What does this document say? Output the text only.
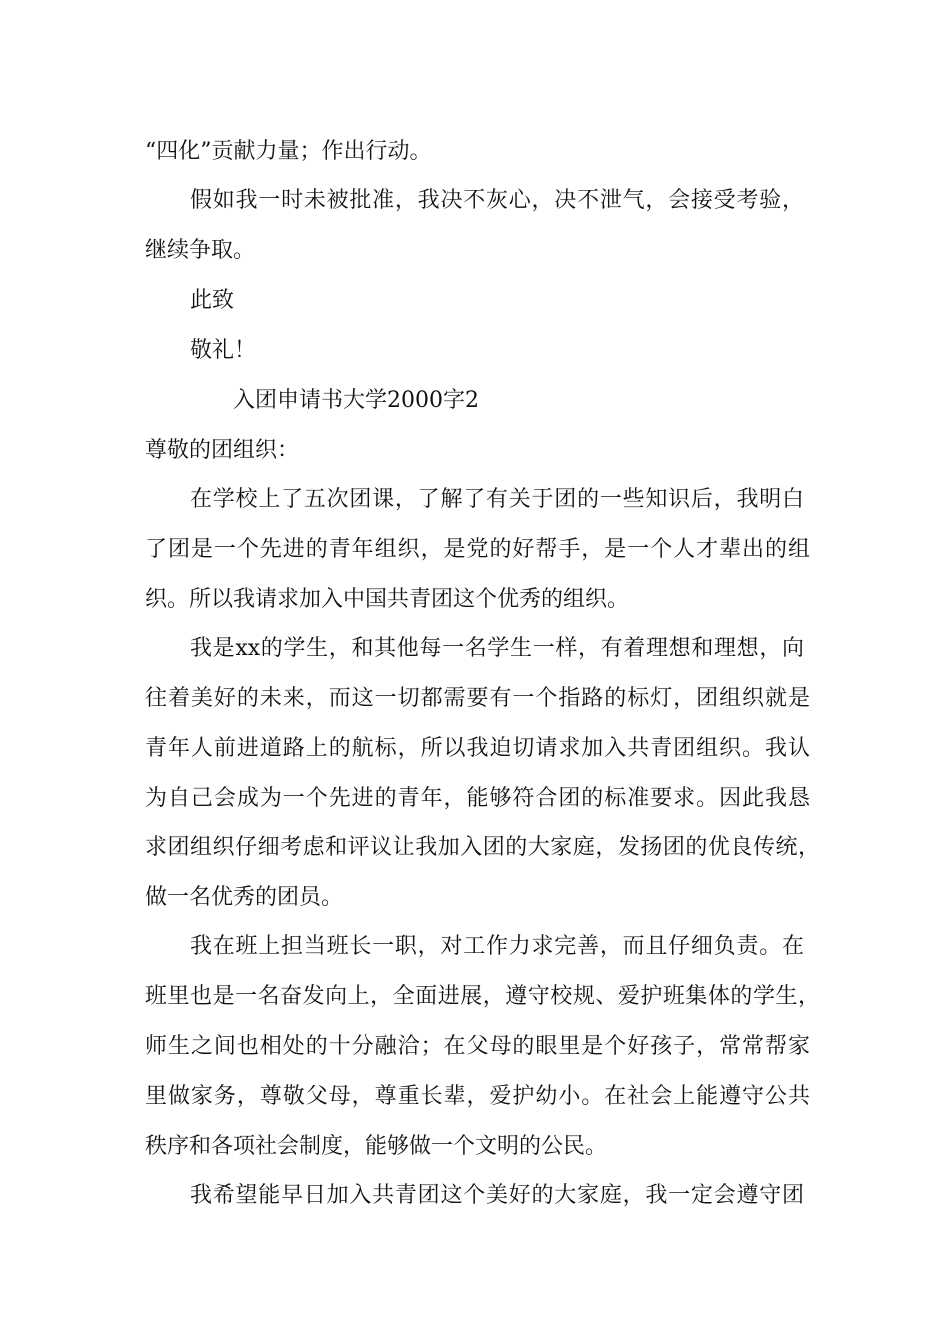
“四化”贡献力量；作出行动。
假如我一时未被批准，我决不灰心，决不泄气，会接受考验，
继续争取。
此致
敬礼！
入团申请书大学2000字2
尊敬的团组织：
在学校上了五次团课，了解了有关于团的一些知识后，我明白
了团是一个先进的青年组织，是党的好帮手，是一个人才辈出的组
织。所以我请求加入中国共青团这个优秀的组织。
我是xx的学生，和其他每一名学生一样，有着理想和理想，向
往着美好的未来，而这一切都需要有一个指路的标灯，团组织就是
青年人前进道路上的航标，所以我迫切请求加入共青团组织。我认
为自己会成为一个先进的青年，能够符合团的标准要求。因此我恳
求团组织仔细考虑和评议让我加入团的大家庭，发扬团的优良传统，
做一名优秀的团员。
我在班上担当班长一职，对工作力求完善，而且仔细负责。在
班里也是一名奋发向上，全面进展，遵守校规、爱护班集体的学生，
师生之间也相处的十分融洽；在父母的眼里是个好孩子，常常帮家
里做家务，尊敬父母，尊重长辈，爱护幼小。在社会上能遵守公共
秩序和各项社会制度，能够做一个文明的公民。
我希望能早日加入共青团这个美好的大家庭，我一定会遵守团
